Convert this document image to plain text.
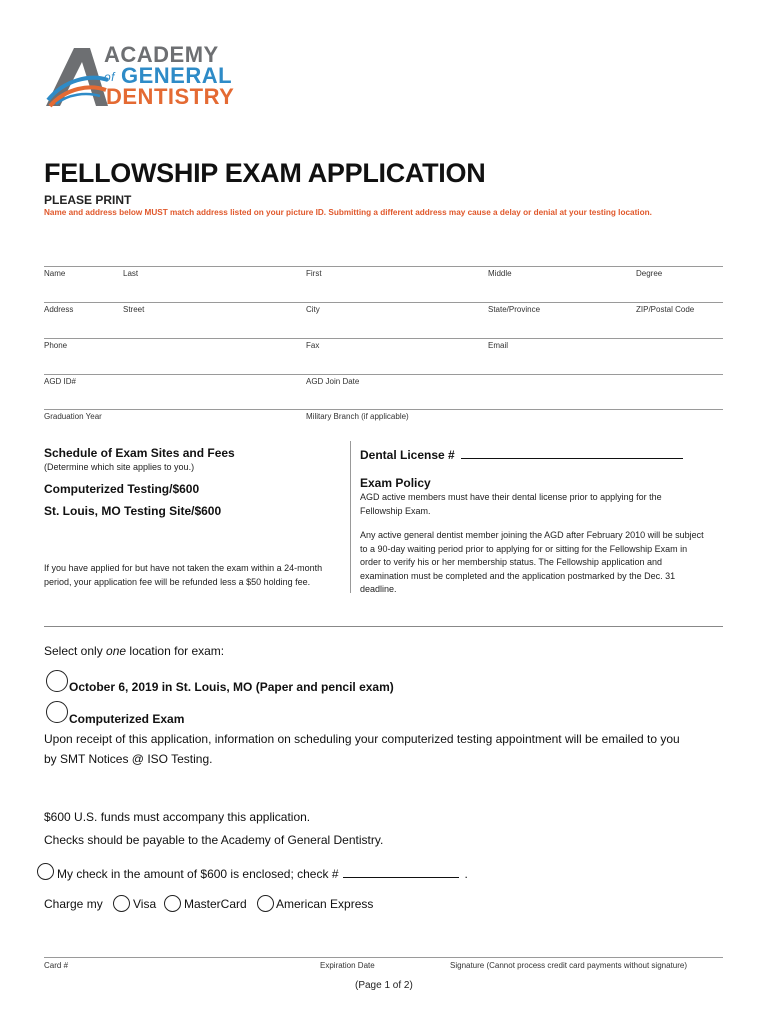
ACADEMY
of GENERAL
DENTISTRY
FELLOWSHIP EXAM APPLICATION
PLEASE PRINT
Name and address below MUST match address listed on your picture ID. Submitting a different address may cause a delay or denial at your testing location.
Name	Last	First	Middle	Degree
Address	Street	City	State/Province	ZIP/Postal Code
Phone	Fax	Email
AGD ID#	AGD Join Date
Graduation Year	Military Branch (if applicable)
Schedule of Exam Sites and Fees
(Determine which site applies to you.)
Computerized Testing/$600
St. Louis, MO Testing Site/$600
If you have applied for but have not taken the exam within a 24-month period, your application fee will be refunded less a $50 holding fee.
Dental License #
Exam Policy
AGD active members must have their dental license prior to applying for the Fellowship Exam.
Any active general dentist member joining the AGD after February 2010 will be subject to a 90-day waiting period prior to applying for or sitting for the Fellowship Exam in order to verify his or her membership status. The Fellowship application and examination must be completed and the application postmarked by the Dec. 31 deadline.
Select only one location for exam:
October 6, 2019 in St. Louis, MO (Paper and pencil exam)
Computerized Exam
Upon receipt of this application, information on scheduling your computerized testing appointment will be emailed to you
by SMT Notices @ ISO Testing.
$600 U.S. funds must accompany this application.
Checks should be payable to the Academy of General Dentistry.
My check in the amount of $600 is enclosed; check #	.
Charge my	Visa MasterCard American Express
Card #	Expiration Date	Signature (Cannot process credit card payments without signature)
(Page 1 of 2)
